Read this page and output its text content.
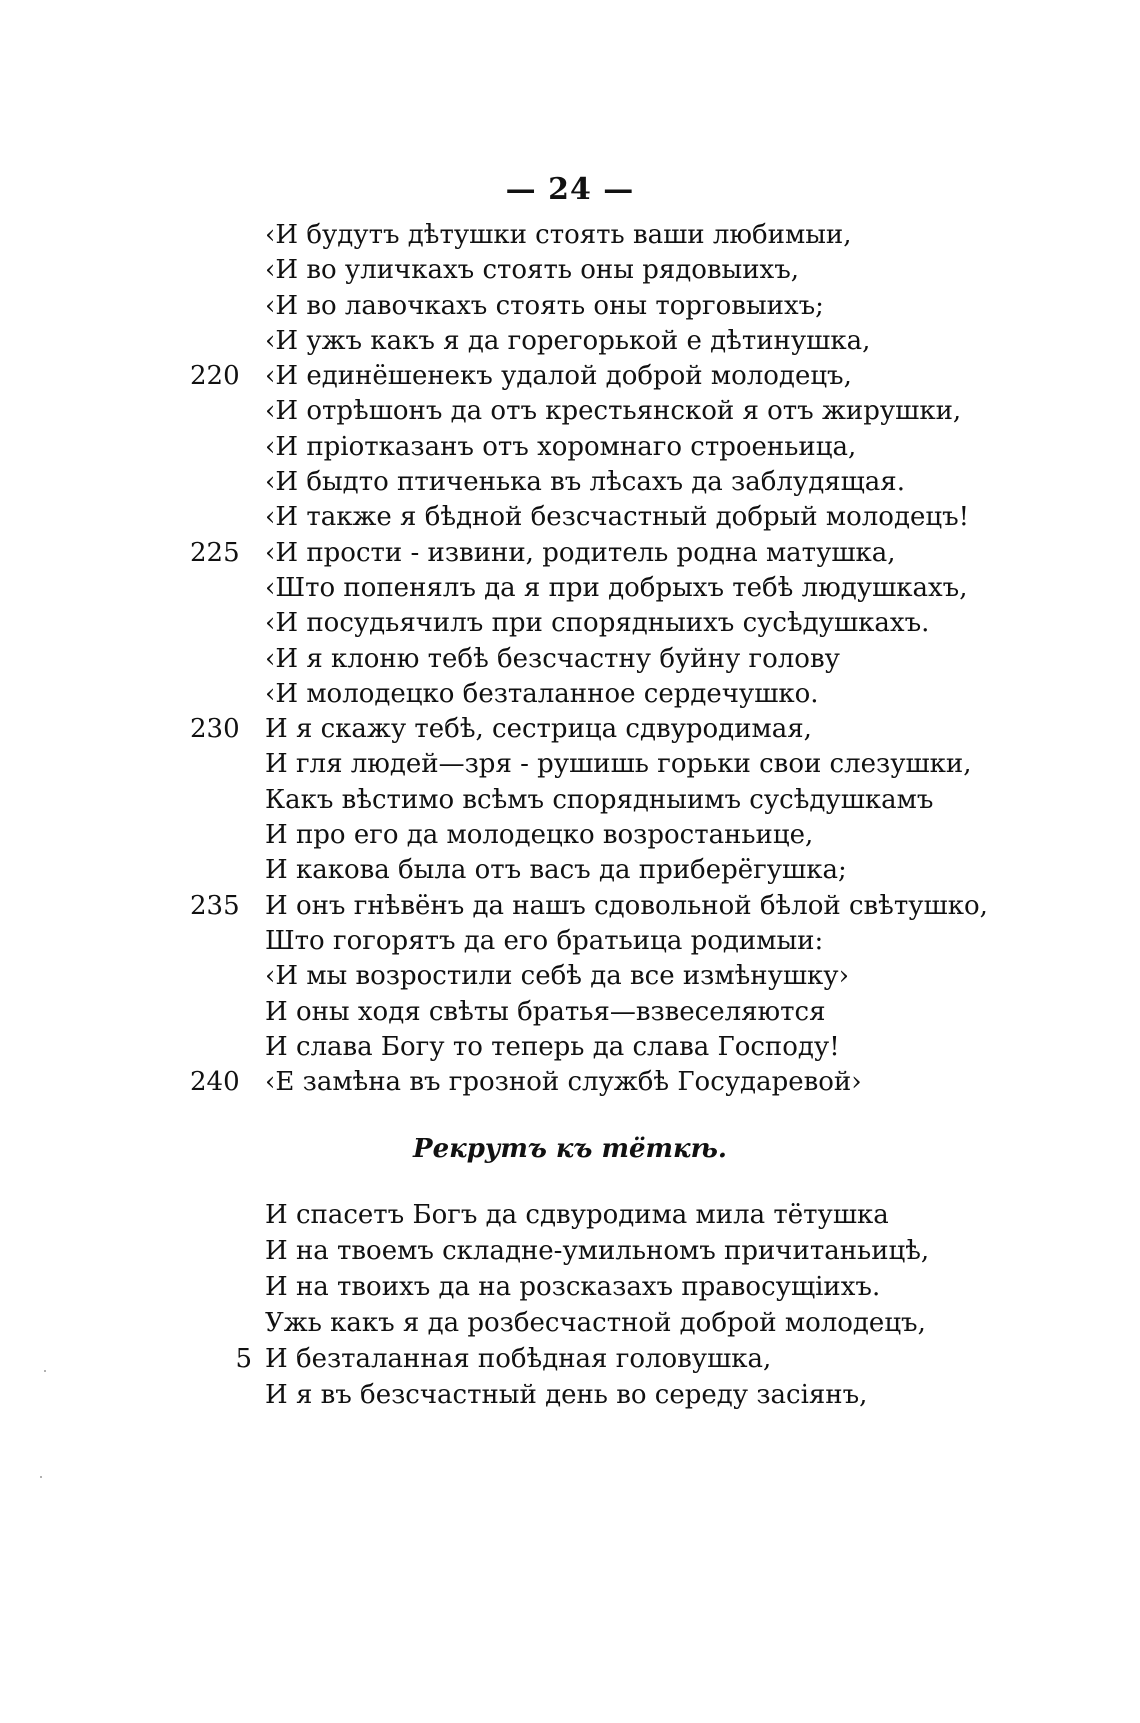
— 24 —
‹И будутъ дѣтушки стоять ваши любимыи,
‹И во уличкахъ стоять оны рядовыихъ,
‹И во лавочкахъ стоять оны торговыихъ;
‹И ужъ какъ я да горегорькой е дѣтинушка,
220 ‹И единёшенекъ удалой доброй молодецъ,
‹И отрѣшонъ да отъ крестьянской я отъ жирушки,
‹И прiотказанъ отъ хоромнаго строеньица,
‹И быдто птиченька въ лѣсахъ да заблудящая.
‹И также я бѣдной безсчастный добрый молодецъ!
225 ‹И прости - извини, родитель родна матушка,
‹Што попенялъ да я при добрыхъ тебѣ людушкахъ,
‹И посудьячилъ при спорядныихъ сусѣдушкахъ.
‹И я клоню тебѣ безсчастну буйну голову
‹И молодецко безталанное сердечушко.
230 И я скажу тебѣ, сестрица сдвуродимая,
И гля людей—зря - рушишь горьки свои слезушки,
Какъ вѣстимо всѣмъ спорядныимъ сусѣдушкамъ
И про его да молодецко возростаньице,
И какова была отъ васъ да приберёгушка;
235 И онъ гнѣвёнъ да нашъ сдовольной бѣлой свѣтушко,
Што гогорятъ да его братьица родимыи:
‹И мы возростили себѣ да все измѣнушку›
И оны ходя свѣты братья—взвеселяются
И слава Богу то теперь да слава Господу!
240 ‹Е замѣна въ грозной службѣ Государевой›
Рекрутъ къ тёткѣ.
И спасетъ Богъ да сдвуродима мила тётушка
И на твоемъ складне-умильномъ причитаньицѣ,
И на твоихъ да на розсказахъ правосущiихъ.
Ужь какъ я да розбесчастной доброй молодецъ,
5 И безталанная побѣдная головушка,
И я въ безсчастный день во середу засiянъ,
